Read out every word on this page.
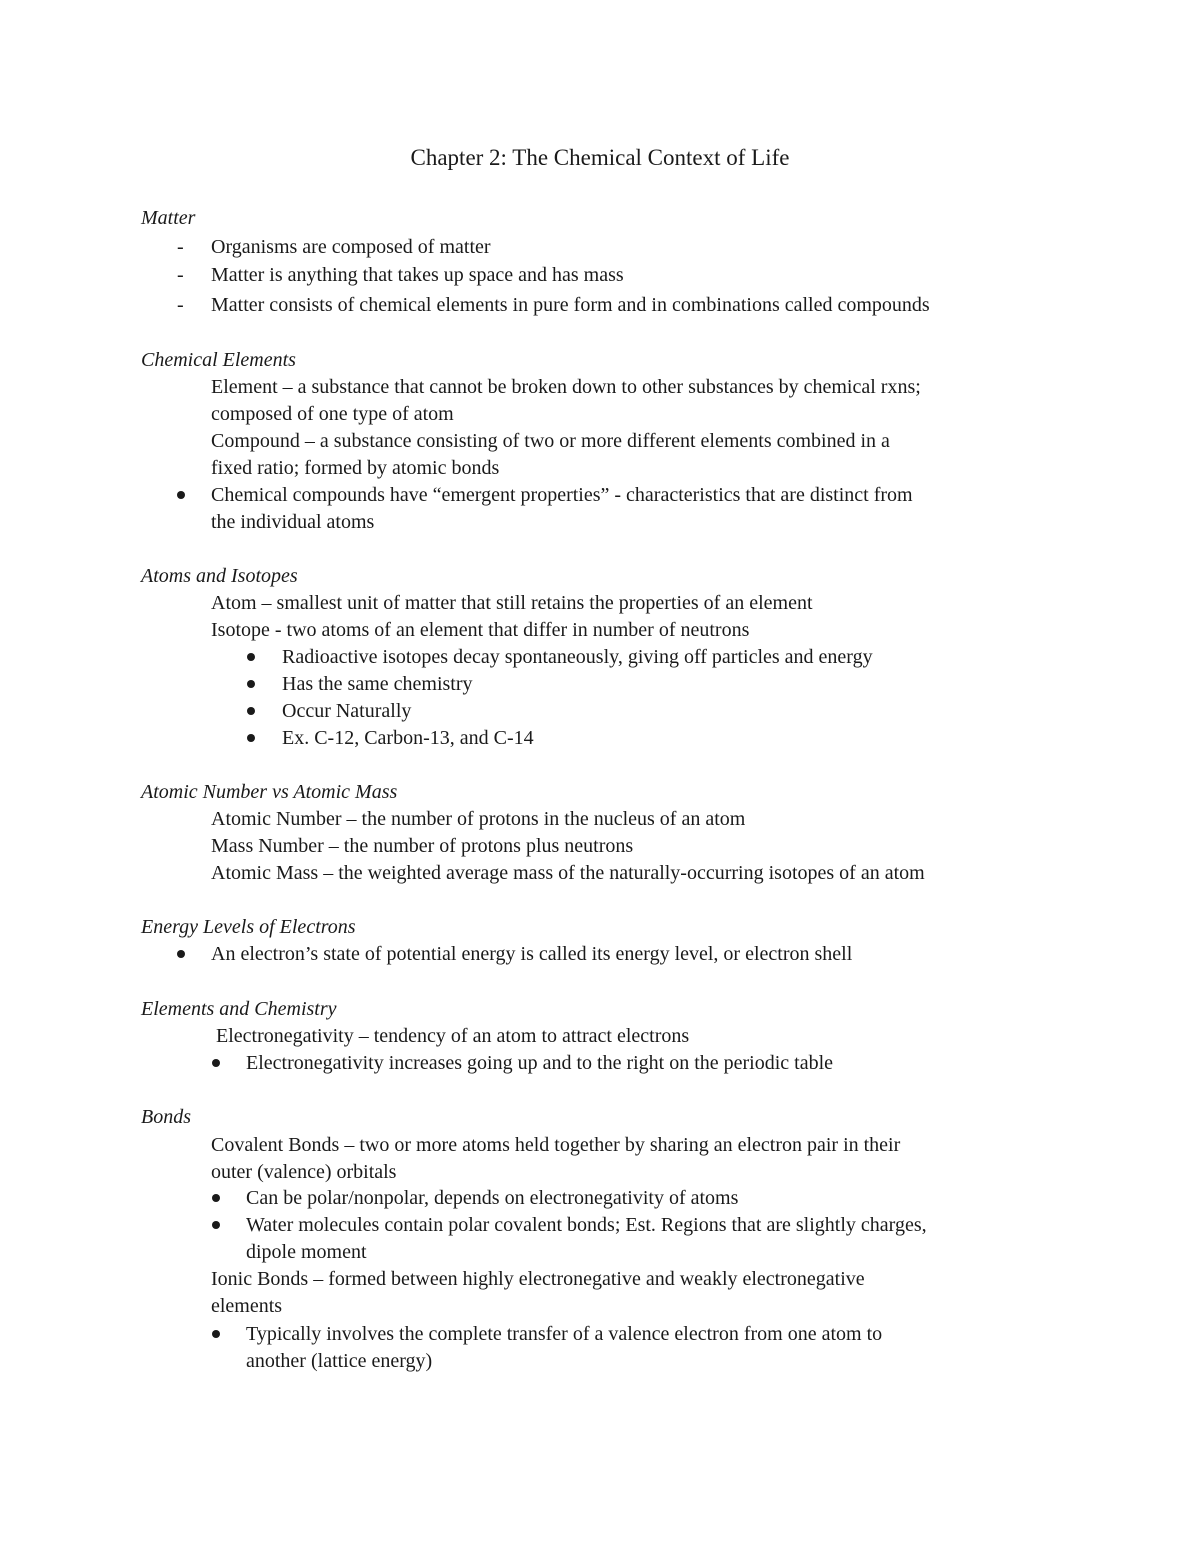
Chapter 2: The Chemical Context of Life
Matter
- Organisms are composed of matter
- Matter is anything that takes up space and has mass
- Matter consists of chemical elements in pure form and in combinations called compounds
Chemical Elements
Element – a substance that cannot be broken down to other substances by chemical rxns;
composed of one type of atom
Compound – a substance consisting of two or more different elements combined in a
fixed ratio; formed by atomic bonds
Chemical compounds have “emergent properties” - characteristics that are distinct from
the individual atoms
Atoms and Isotopes
Atom – smallest unit of matter that still retains the properties of an element
Isotope - two atoms of an element that differ in number of neutrons
Radioactive isotopes decay spontaneously, giving off particles and energy
Has the same chemistry
Occur Naturally
Ex. C-12, Carbon-13, and C-14
Atomic Number vs Atomic Mass
Atomic Number – the number of protons in the nucleus of an atom
Mass Number – the number of protons plus neutrons
Atomic Mass – the weighted average mass of the naturally-occurring isotopes of an atom
Energy Levels of Electrons
An electron’s state of potential energy is called its energy level, or electron shell
Elements and Chemistry
Electronegativity – tendency of an atom to attract electrons
Electronegativity increases going up and to the right on the periodic table
Bonds
Covalent Bonds – two or more atoms held together by sharing an electron pair in their
outer (valence) orbitals
Can be polar/nonpolar, depends on electronegativity of atoms
Water molecules contain polar covalent bonds; Est. Regions that are slightly charges,
dipole moment
Ionic Bonds – formed between highly electronegative and weakly electronegative
elements
Typically involves the complete transfer of a valence electron from one atom to
another (lattice energy)
